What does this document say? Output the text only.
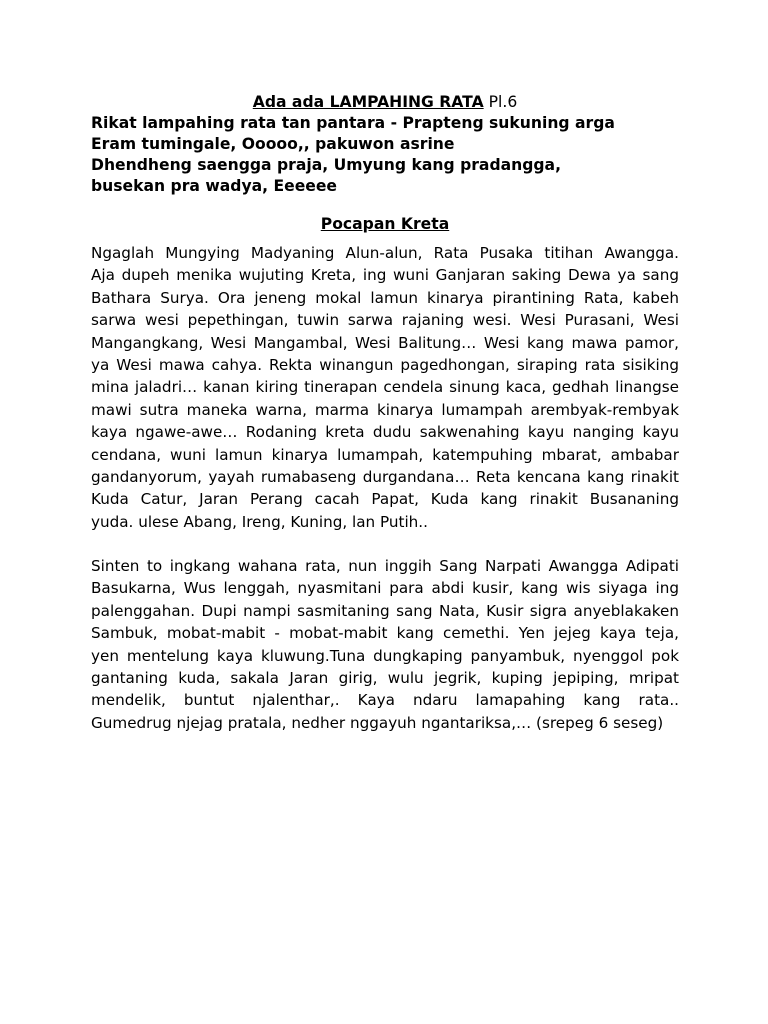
Ada ada LAMPAHING RATA Pl.6
Rikat lampahing rata tan pantara - Prapteng sukuning arga
Eram tumingale, Ooooo,, pakuwon asrine
Dhendheng saengga praja, Umyung kang pradangga,
busekan pra wadya, Eeeeee
Pocapan Kreta
Ngaglah Mungying Madyaning Alun-alun, Rata Pusaka titihan Awangga.
Aja dupeh menika wujuting Kreta, ing wuni Ganjaran saking Dewa ya sang
Bathara Surya. Ora jeneng mokal lamun kinarya pirantining Rata, kabeh
sarwa wesi pepethingan, tuwin sarwa rajaning wesi. Wesi Purasani, Wesi
Mangangkang, Wesi Mangambal, Wesi Balitung… Wesi kang mawa pamor,
ya Wesi mawa cahya. Rekta winangun pagedhongan, siraping rata sisiking
mina jaladri… kanan kiring tinerapan cendela sinung kaca, gedhah linangse
mawi sutra maneka warna, marma kinarya lumampah arembyak-rembyak
kaya ngawe-awe… Rodaning kreta dudu sakwenahing kayu nanging kayu
cendana, wuni lamun kinarya lumampah, katempuhing mbarat, ambabar
gandanyorum, yayah rumabaseng durgandana… Reta kencana kang rinakit
Kuda Catur, Jaran Perang cacah Papat, Kuda kang rinakit Busananing
yuda. ulese Abang, Ireng, Kuning, lan Putih..
Sinten to ingkang wahana rata, nun inggih Sang Narpati Awangga Adipati
Basukarna, Wus lenggah, nyasmitani para abdi kusir, kang wis siyaga ing
palenggahan. Dupi nampi sasmitaning sang Nata, Kusir sigra anyeblakaken
Sambuk, mobat-mabit - mobat-mabit kang cemethi. Yen jejeg kaya teja,
yen mentelung kaya kluwung.Tuna dungkaping panyambuk, nyenggol pok
gantaning kuda, sakala Jaran girig, wulu jegrik, kuping jepiping, mripat
mendelik, buntut njalenthar,. Kaya ndaru lamapahing kang rata..
Gumedrug njejag pratala, nedher nggayuh ngantariksa,… (srepeg 6 seseg)
